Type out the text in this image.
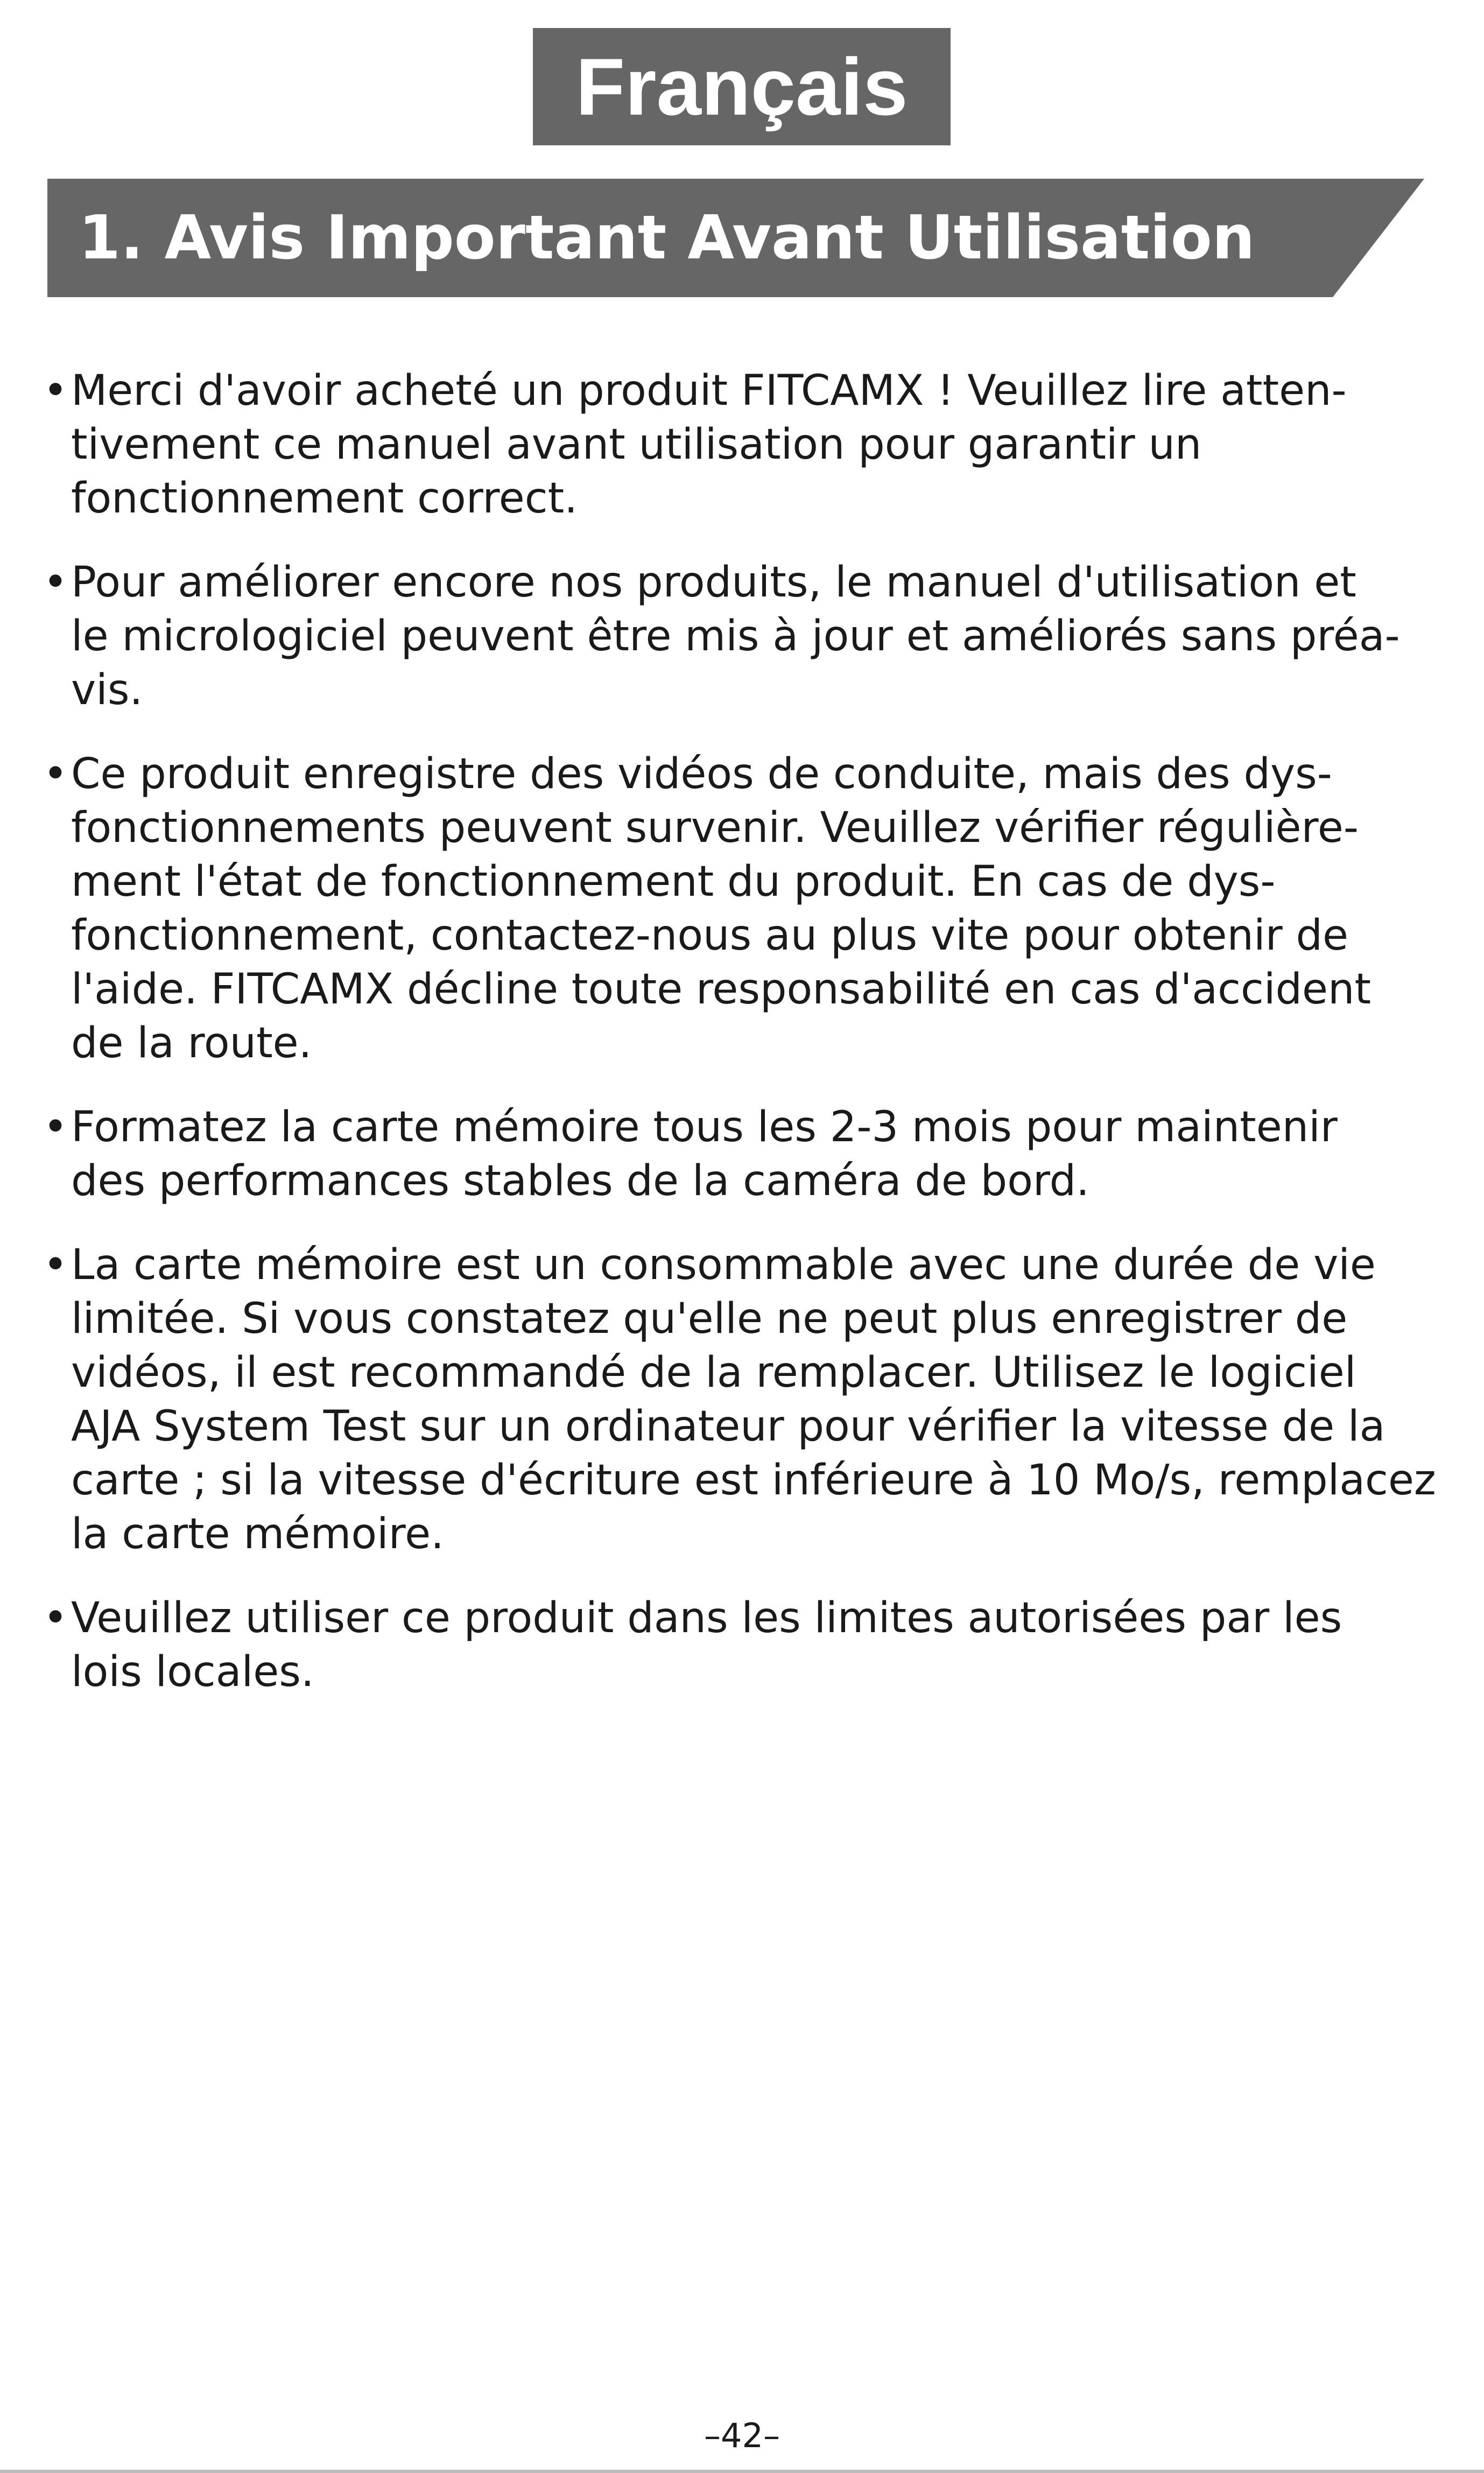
Français
1. Avis Important Avant Utilisation
• Merci d'avoir acheté un produit FITCAMX ! Veuillez lire atten-
tivement ce manuel avant utilisation pour garantir un
fonctionnement correct.
• Pour améliorer encore nos produits, le manuel d'utilisation et
le micrologiciel peuvent être mis à jour et améliorés sans préa-
vis.
• Ce produit enregistre des vidéos de conduite, mais des dys-
fonctionnements peuvent survenir. Veuillez vérifier régulière-
ment l'état de fonctionnement du produit. En cas de dys-
fonctionnement, contactez-nous au plus vite pour obtenir de
l'aide. FITCAMX décline toute responsabilité en cas d'accident
de la route.
• Formatez la carte mémoire tous les 2-3 mois pour maintenir
des performances stables de la caméra de bord.
• La carte mémoire est un consommable avec une durée de vie
limitée. Si vous constatez qu'elle ne peut plus enregistrer de
vidéos, il est recommandé de la remplacer. Utilisez le logiciel
AJA System Test sur un ordinateur pour vérifier la vitesse de la
carte ; si la vitesse d'écriture est inférieure à 10 Mo/s, remplacez
la carte mémoire.
• Veuillez utiliser ce produit dans les limites autorisées par les
lois locales.
–42–
